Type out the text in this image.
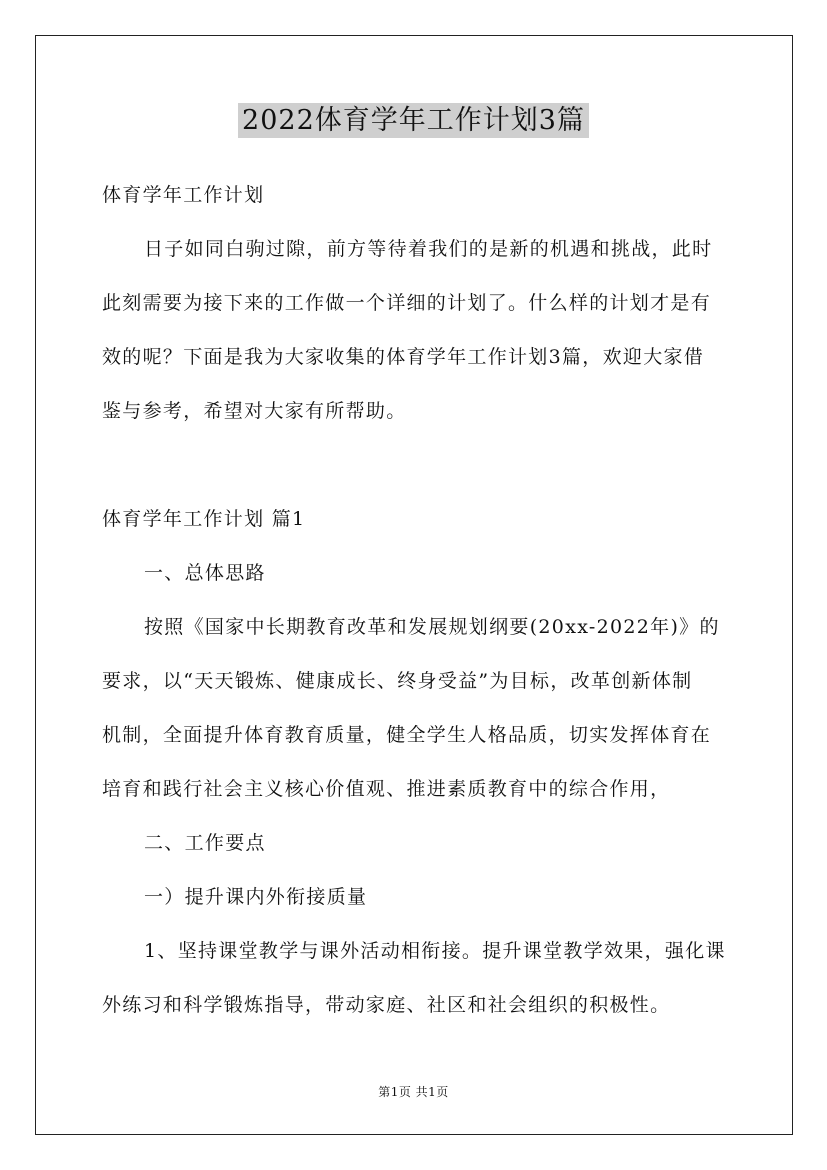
2022体育学年工作计划3篇
体育学年工作计划
日子如同白驹过隙，前方等待着我们的是新的机遇和挑战，此时
此刻需要为接下来的工作做一个详细的计划了。什么样的计划才是有
效的呢？下面是我为大家收集的体育学年工作计划3篇，欢迎大家借
鉴与参考，希望对大家有所帮助。
体育学年工作计划 篇1
一、总体思路
按照《国家中长期教育改革和发展规划纲要(20xx-2022年)》的
要求，以“天天锻炼、健康成长、终身受益”为目标，改革创新体制
机制，全面提升体育教育质量，健全学生人格品质，切实发挥体育在
培育和践行社会主义核心价值观、推进素质教育中的综合作用，
二、工作要点
一）提升课内外衔接质量
1、坚持课堂教学与课外活动相衔接。提升课堂教学效果，强化课
外练习和科学锻炼指导，带动家庭、社区和社会组织的积极性。
第1页 共1页
